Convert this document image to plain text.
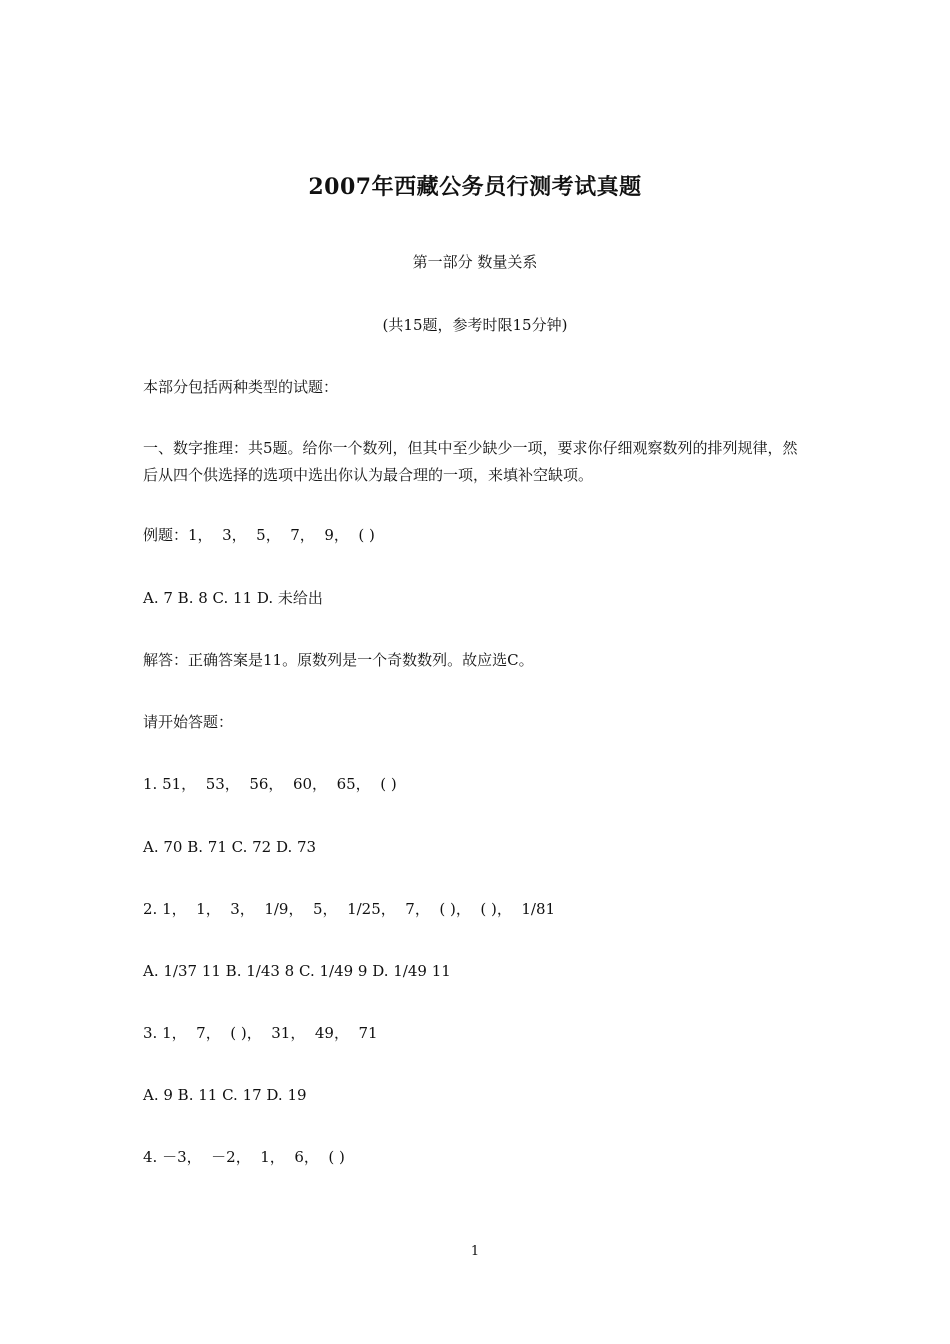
2007年西藏公务员行测考试真题
第一部分 数量关系
(共15题，参考时限15分钟)
本部分包括两种类型的试题：
一、数字推理：共5题。给你一个数列，但其中至少缺少一项，要求你仔细观察数列的排列规律，然后从四个供选择的选项中选出你认为最合理的一项，来填补空缺项。
例题：1，  3，  5，  7，  9，  ( )
A. 7 B. 8 C. 11 D. 未给出
解答：正确答案是11。原数列是一个奇数数列。故应选C。
请开始答题：
1. 51，  53，  56，  60，  65，  ( )
A. 70 B. 71 C. 72 D. 73
2. 1，  1，  3，  1/9，  5，  1/25，  7，  ( )，  ( )，  1/81
A. 1/37 11 B. 1/43 8 C. 1/49 9 D. 1/49 11
3. 1，  7，  ( )，  31，  49，  71
A. 9 B. 11 C. 17 D. 19
4. －3，  －2，  1，  6，  ( )
1
